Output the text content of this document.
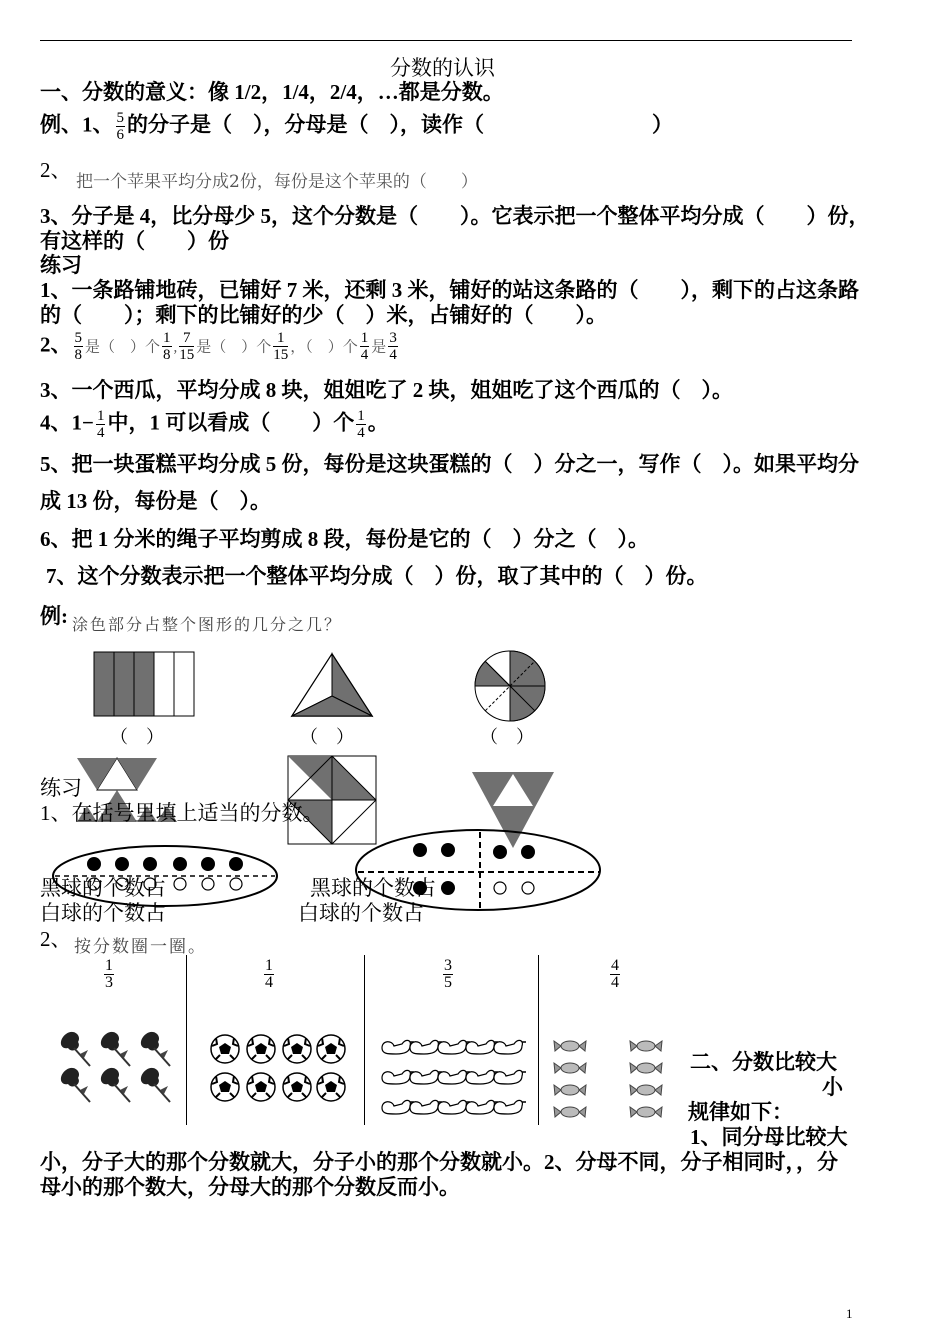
分数的认识
一、分数的意义：像 1/2，1/4，2/4，…都是分数。
例、1、 $\frac{5}{6}$ 的分子是（　），分母是（　），读作（　　　　　　　　）
2、 把一个苹果平均分成2份，每份是这个苹果的（　　）
3、分子是 4，比分母少 5，这个分数是（　　）。它表示把一个整体平均分成（　　）份，
有这样的（　　）份
练习
1、一条路铺地砖，已铺好 7 米，还剩 3 米，铺好的站这条路的（　　），剩下的占这条路
的（　　）；剩下的比铺好的少（　）米，占铺好的（　　）。
2、 $\frac{5}{8}$ 是（　）个 $\frac{1}{8}$ , $\frac{7}{15}$ 是（　）个 $\frac{1}{15}$ ，（　）个 $\frac{1}{4}$ 是 $\frac{3}{4}$
3、一个西瓜，平均分成 8 块，姐姐吃了 2 块，姐姐吃了这个西瓜的（　）。
4、$1- \frac{1}{4}$ 中，1 可以看成（　　）个 $\frac{1}{4}$ 。
5、把一块蛋糕平均分成 5 份，每份是这块蛋糕的（　）分之一，写作（　）。如果平均分
成 13 份，每份是（　）。
6、把 1 分米的绳子平均剪成 8 段，每份是它的（　）分之（　）。
7、这个分数表示把一个整体平均分成（　）份，取了其中的（　）份。
例: 涂色部分占整个图形的几分之几？
（　）	（　）	（　）
练习
1、在括号里填上适当的分数。
黑球的个数占
白球的个数占
黑球的个数占
白球的个数占
2、 按分数圈一圈。
$\frac{1}{3}$	$\frac{1}{4}$	$\frac{3}{5}$	$\frac{4}{4}$
二、分数比较大
小
规律如下：
1、同分母比较大
小，分子大的那个分数就大，分子小的那个分数就小。2、分母不同，分子相同时，，分
母小的那个数大，分母大的那个分数反而小。
1
